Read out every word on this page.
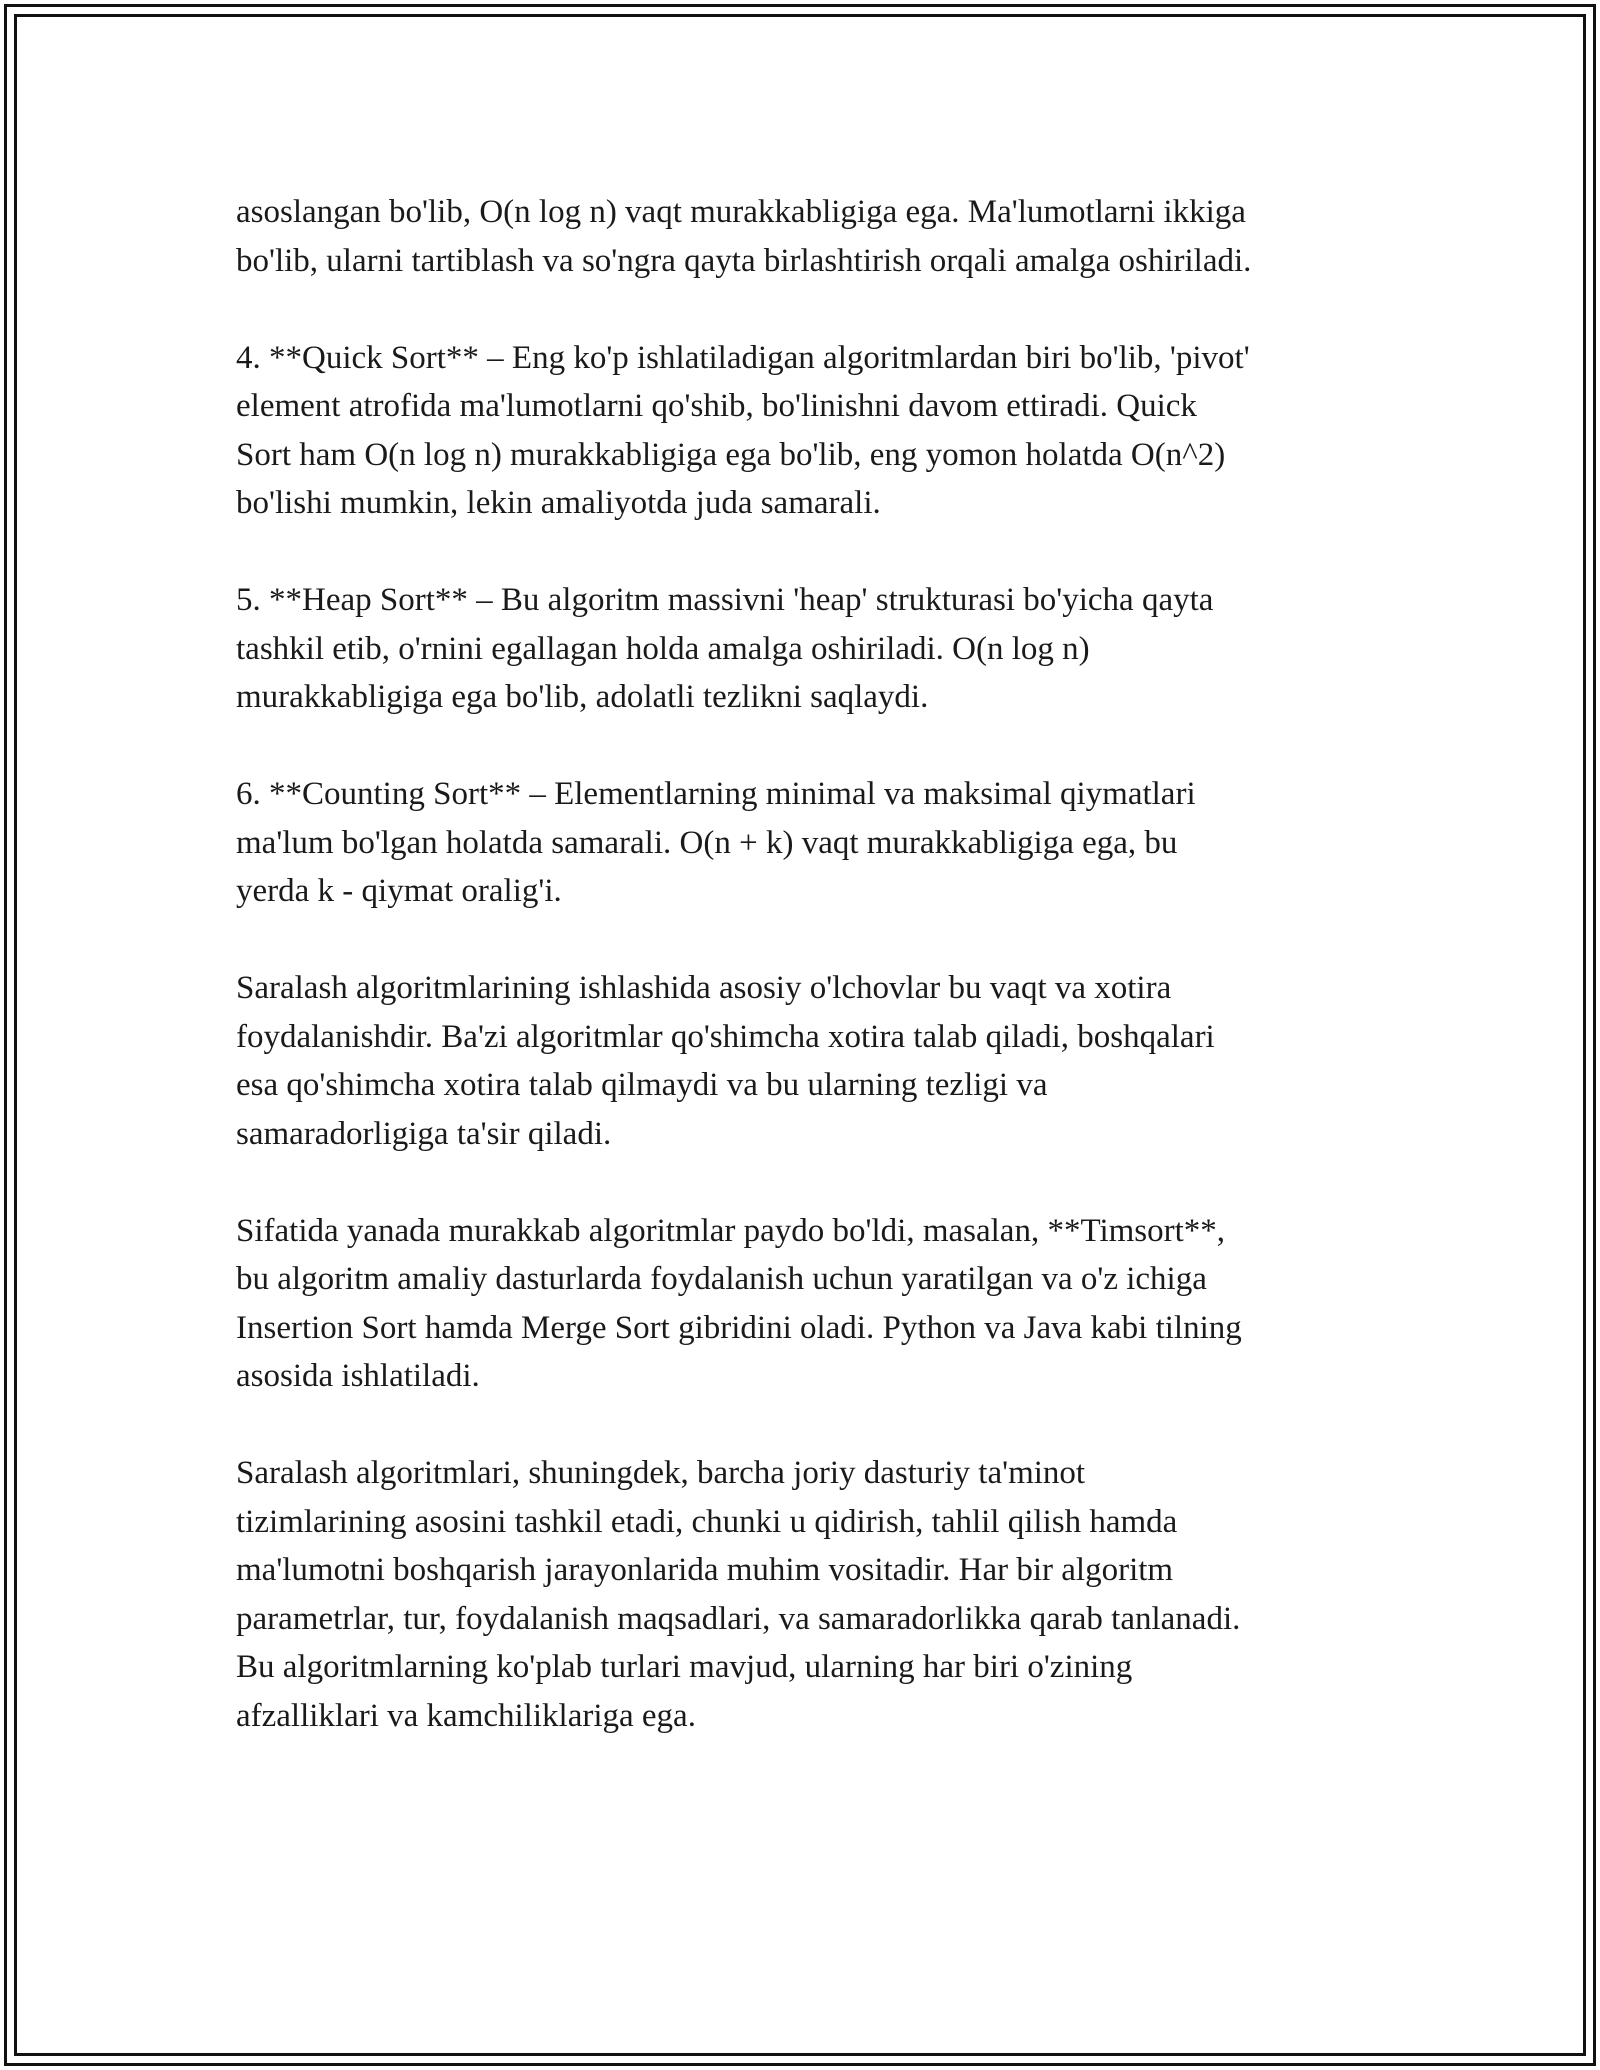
asoslangan bo'lib, O(n log n) vaqt murakkabligiga ega. Ma'lumotlarni ikkiga
bo'lib, ularni tartiblash va so'ngra qayta birlashtirish orqali amalga oshiriladi.

4. **Quick Sort** – Eng ko'p ishlatiladigan algoritmlardan biri bo'lib, 'pivot'
element atrofida ma'lumotlarni qo'shib, bo'linishni davom ettiradi. Quick
Sort ham O(n log n) murakkabligiga ega bo'lib, eng yomon holatda O(n^2)
bo'lishi mumkin, lekin amaliyotda juda samarali.

5. **Heap Sort** – Bu algoritm massivni 'heap' strukturasi bo'yicha qayta
tashkil etib, o'rnini egallagan holda amalga oshiriladi. O(n log n)
murakkabligiga ega bo'lib, adolatli tezlikni saqlaydi.

6. **Counting Sort** – Elementlarning minimal va maksimal qiymatlari
ma'lum bo'lgan holatda samarali. O(n + k) vaqt murakkabligiga ega, bu
yerda k - qiymat oralig'i.

Saralash algoritmlarining ishlashida asosiy o'lchovlar bu vaqt va xotira
foydalanishdir. Ba'zi algoritmlar qo'shimcha xotira talab qiladi, boshqalari
esa qo'shimcha xotira talab qilmaydi va bu ularning tezligi va
samaradorligiga ta'sir qiladi.

Sifatida yanada murakkab algoritmlar paydo bo'ldi, masalan, **Timsort**,
bu algoritm amaliy dasturlarda foydalanish uchun yaratilgan va o'z ichiga
Insertion Sort hamda Merge Sort gibridini oladi. Python va Java kabi tilning
asosida ishlatiladi.

Saralash algoritmlari, shuningdek, barcha joriy dasturiy ta'minot
tizimlarining asosini tashkil etadi, chunki u qidirish, tahlil qilish hamda
ma'lumotni boshqarish jarayonlarida muhim vositadir. Har bir algoritm
parametrlar, tur, foydalanish maqsadlari, va samaradorlikka qarab tanlanadi.
Bu algoritmlarning ko'plab turlari mavjud, ularning har biri o'zining
afzalliklari va kamchiliklariga ega.
